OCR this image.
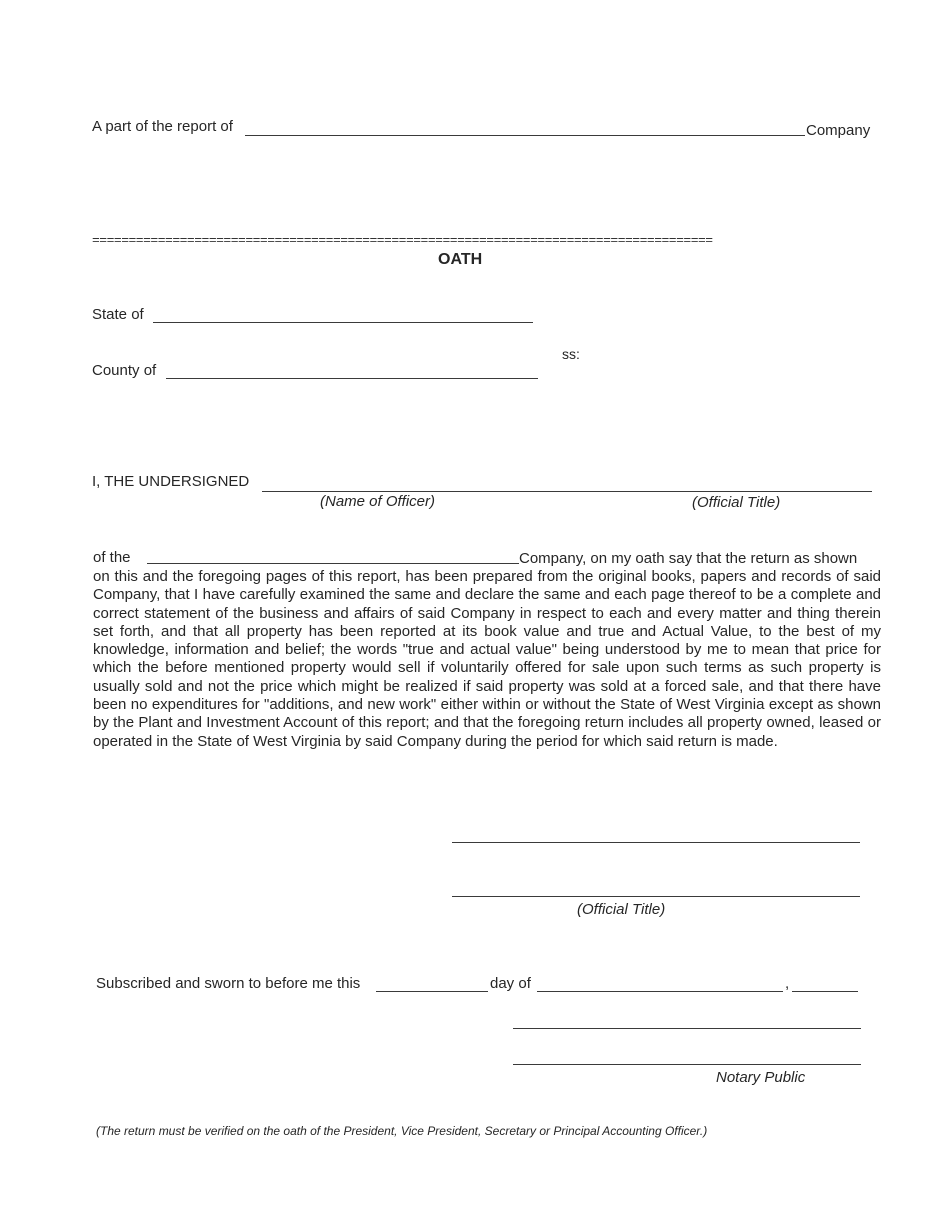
A part of the report of	Company
=====================================================================================
OATH
State of
ss:
County of
I, THE UNDERSIGNED
(Name of Officer)	(Official Title)
of the	Company, on my oath say that the return as shown
on this and the foregoing pages of this report, has been prepared from the original books, papers and records of said Company, that I have carefully examined the same and declare the same and each page thereof to be a complete and correct statement of the business and affairs of said Company in respect to each and every matter and thing therein set forth, and that all property has been reported at its book value and true and Actual Value, to the best of my knowledge, information and belief; the words "true and actual value" being understood by me to mean that price for which the before mentioned property would sell if voluntarily offered for sale upon such terms as such property is usually sold and not the price which might be realized if said property was sold at a forced sale, and that there have been no expenditures for "additions, and new work" either within or without the State of West Virginia except as shown by the Plant and Investment Account of this report; and that the foregoing return includes all property owned, leased or operated in the State of West Virginia by said Company during the period for which said return is made.
(Official Title)
Subscribed and sworn to before me this	day of	,
Notary Public
(The return must be verified on the oath of the President, Vice President, Secretary or Principal Accounting Officer.)
